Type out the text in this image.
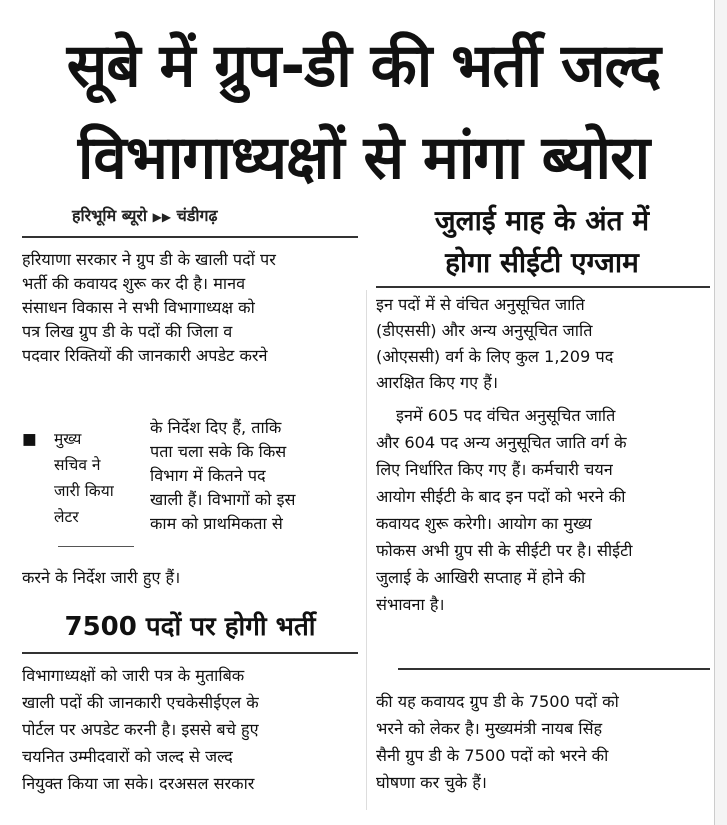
सूबे में ग्रुप-डी की भर्ती जल्द
विभागाध्यक्षों से मांगा ब्योरा
हरिभूमि ब्यूरो ▶▶ चंडीगढ़
हरियाणा सरकार ने ग्रुप डी के खाली पदों पर
भर्ती की कवायद शुरू कर दी है। मानव
संसाधन विकास ने सभी विभागाध्यक्ष को
पत्र लिख ग्रुप डी के पदों की जिला व
पदवार रिक्तियों की जानकारी अपडेट करने
■ मुख्य
सचिव ने
जारी किया
लेटर
के निर्देश दिए हैं, ताकि
पता चला सके कि किस
विभाग में कितने पद
खाली हैं। विभागों को इस
काम को प्राथमिकता से
करने के निर्देश जारी हुए हैं।
7500 पदों पर होगी भर्ती
विभागाध्यक्षों को जारी पत्र के मुताबिक
खाली पदों की जानकारी एचकेसीईएल के
पोर्टल पर अपडेट करनी है। इससे बचे हुए
चयनित उम्मीदवारों को जल्द से जल्द
नियुक्त किया जा सके। दरअसल सरकार
जुलाई माह के अंत में
होगा सीईटी एग्जाम
इन पदों में से वंचित अनुसूचित जाति
(डीएससी) और अन्य अनुसूचित जाति
(ओएससी) वर्ग के लिए कुल 1,209 पद
आरक्षित किए गए हैं।
इनमें 605 पद वंचित अनुसूचित जाति
और 604 पद अन्य अनुसूचित जाति वर्ग के
लिए निर्धारित किए गए हैं। कर्मचारी चयन
आयोग सीईटी के बाद इन पदों को भरने की
कवायद शुरू करेगी। आयोग का मुख्य
फोकस अभी ग्रुप सी के सीईटी पर है। सीईटी
जुलाई के आखिरी सप्ताह में होने की
संभावना है।
की यह कवायद ग्रुप डी के 7500 पदों को
भरने को लेकर है। मुख्यमंत्री नायब सिंह
सैनी ग्रुप डी के 7500 पदों को भरने की
घोषणा कर चुके हैं।
